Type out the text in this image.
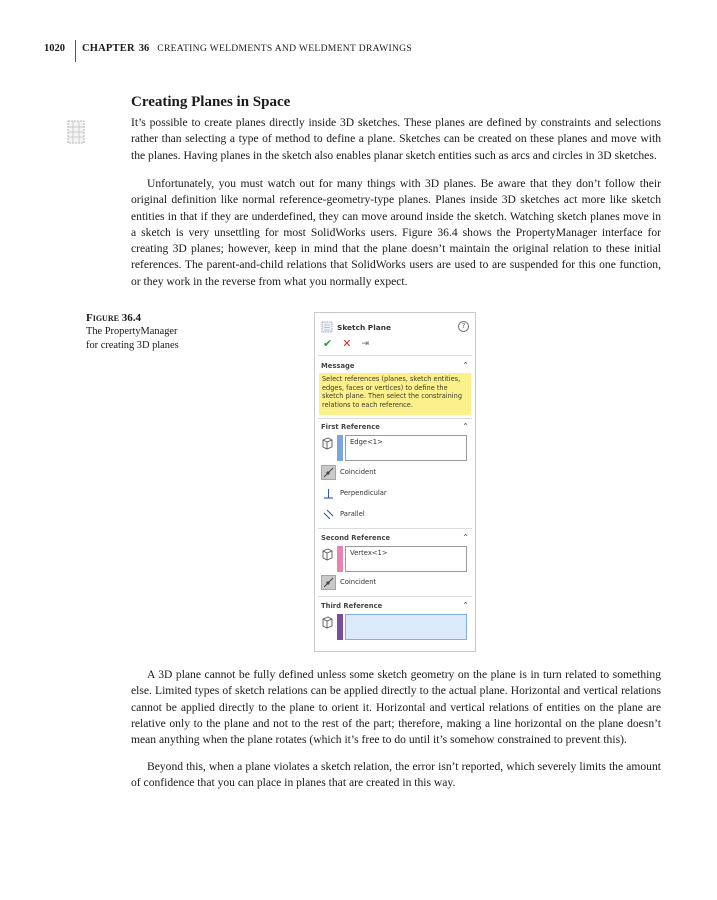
1020	CHAPTER 36 CREATING WELDMENTS AND WELDMENT DRAWINGS
Creating Planes in Space

It’s possible to create planes directly inside 3D sketches. These planes are defined by constraints and selections rather than selecting a type of method to define a plane. Sketches can be created on these planes and move with the planes. Having planes in the sketch also enables planar sketch entities such as arcs and circles in 3D sketches.

Unfortunately, you must watch out for many things with 3D planes. Be aware that they don’t follow their original definition like normal reference-geometry-type planes. Planes inside 3D sketches act more like sketch entities in that if they are underdefined, they can move around inside the sketch. Watching sketch planes move in a sketch is very unsettling for most SolidWorks users. Figure 36.4 shows the PropertyManager interface for creating 3D planes; however, keep in mind that the plane doesn’t maintain the original relation to these initial references. The parent-and-child relations that SolidWorks users are used to are suspended for this one function, or they work in the reverse from what you normally expect.

Figure 36.4
The PropertyManager
for creating 3D planes
Sketch Plane	?
✔ ✕ ⇥
Message	⌃
Select references (planes, sketch entities, edges, faces or vertices) to define the sketch plane. Then select the constraining relations to each reference.
First Reference	⌃
Edge<1>
Coincident
Perpendicular
Parallel
Second Reference	⌃
Vertex<1>
Coincident
Third Reference	⌃

A 3D plane cannot be fully defined unless some sketch geometry on the plane is in turn related to something else. Limited types of sketch relations can be applied directly to the actual plane. Horizontal and vertical relations cannot be applied directly to the plane to orient it. Horizontal and vertical relations of entities on the plane are relative only to the plane and not to the rest of the part; therefore, making a line horizontal on the plane doesn’t mean anything when the plane rotates (which it’s free to do until it’s somehow constrained to prevent this).

Beyond this, when a plane violates a sketch relation, the error isn’t reported, which severely limits the amount of confidence that you can place in planes that are created in this way.
